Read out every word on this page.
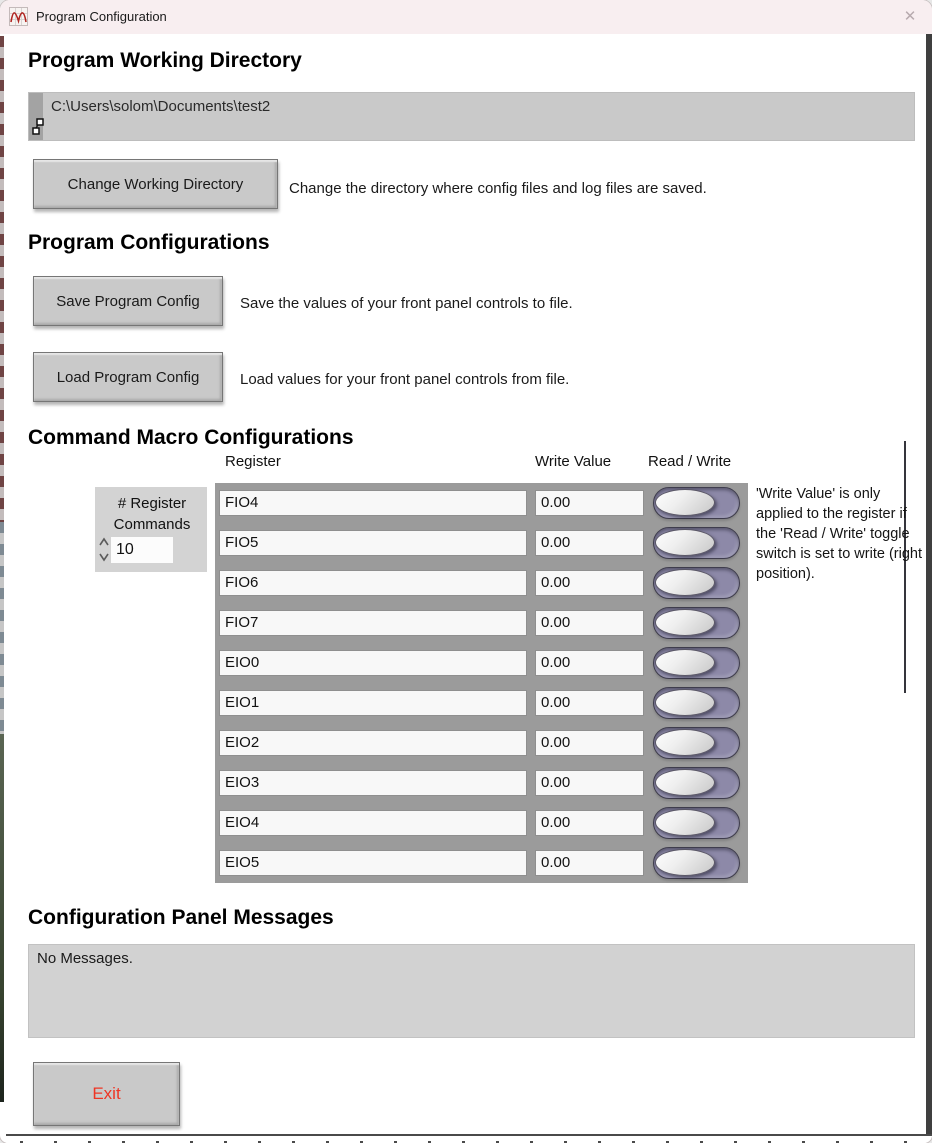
Program Configuration	✕
Program Working Directory
C:\Users\solom\Documents\test2
Change Working Directory	Change the directory where config files and log files are saved.
Program Configurations
Save Program Config	Save the values of your front panel controls to file.
Load Program Config	Load values for your front panel controls from file.
Command Macro Configurations
Register	Write Value Read / Write
# Register Commands
10
FIO4	0.00
FIO5	0.00
FIO6	0.00
FIO7	0.00
EIO0	0.00
EIO1	0.00
EIO2	0.00
EIO3	0.00
EIO4	0.00
EIO5	0.00
'Write Value' is only applied to the register if the 'Read / Write' toggle switch is set to write (right position).
Configuration Panel Messages
No Messages.
Exit
